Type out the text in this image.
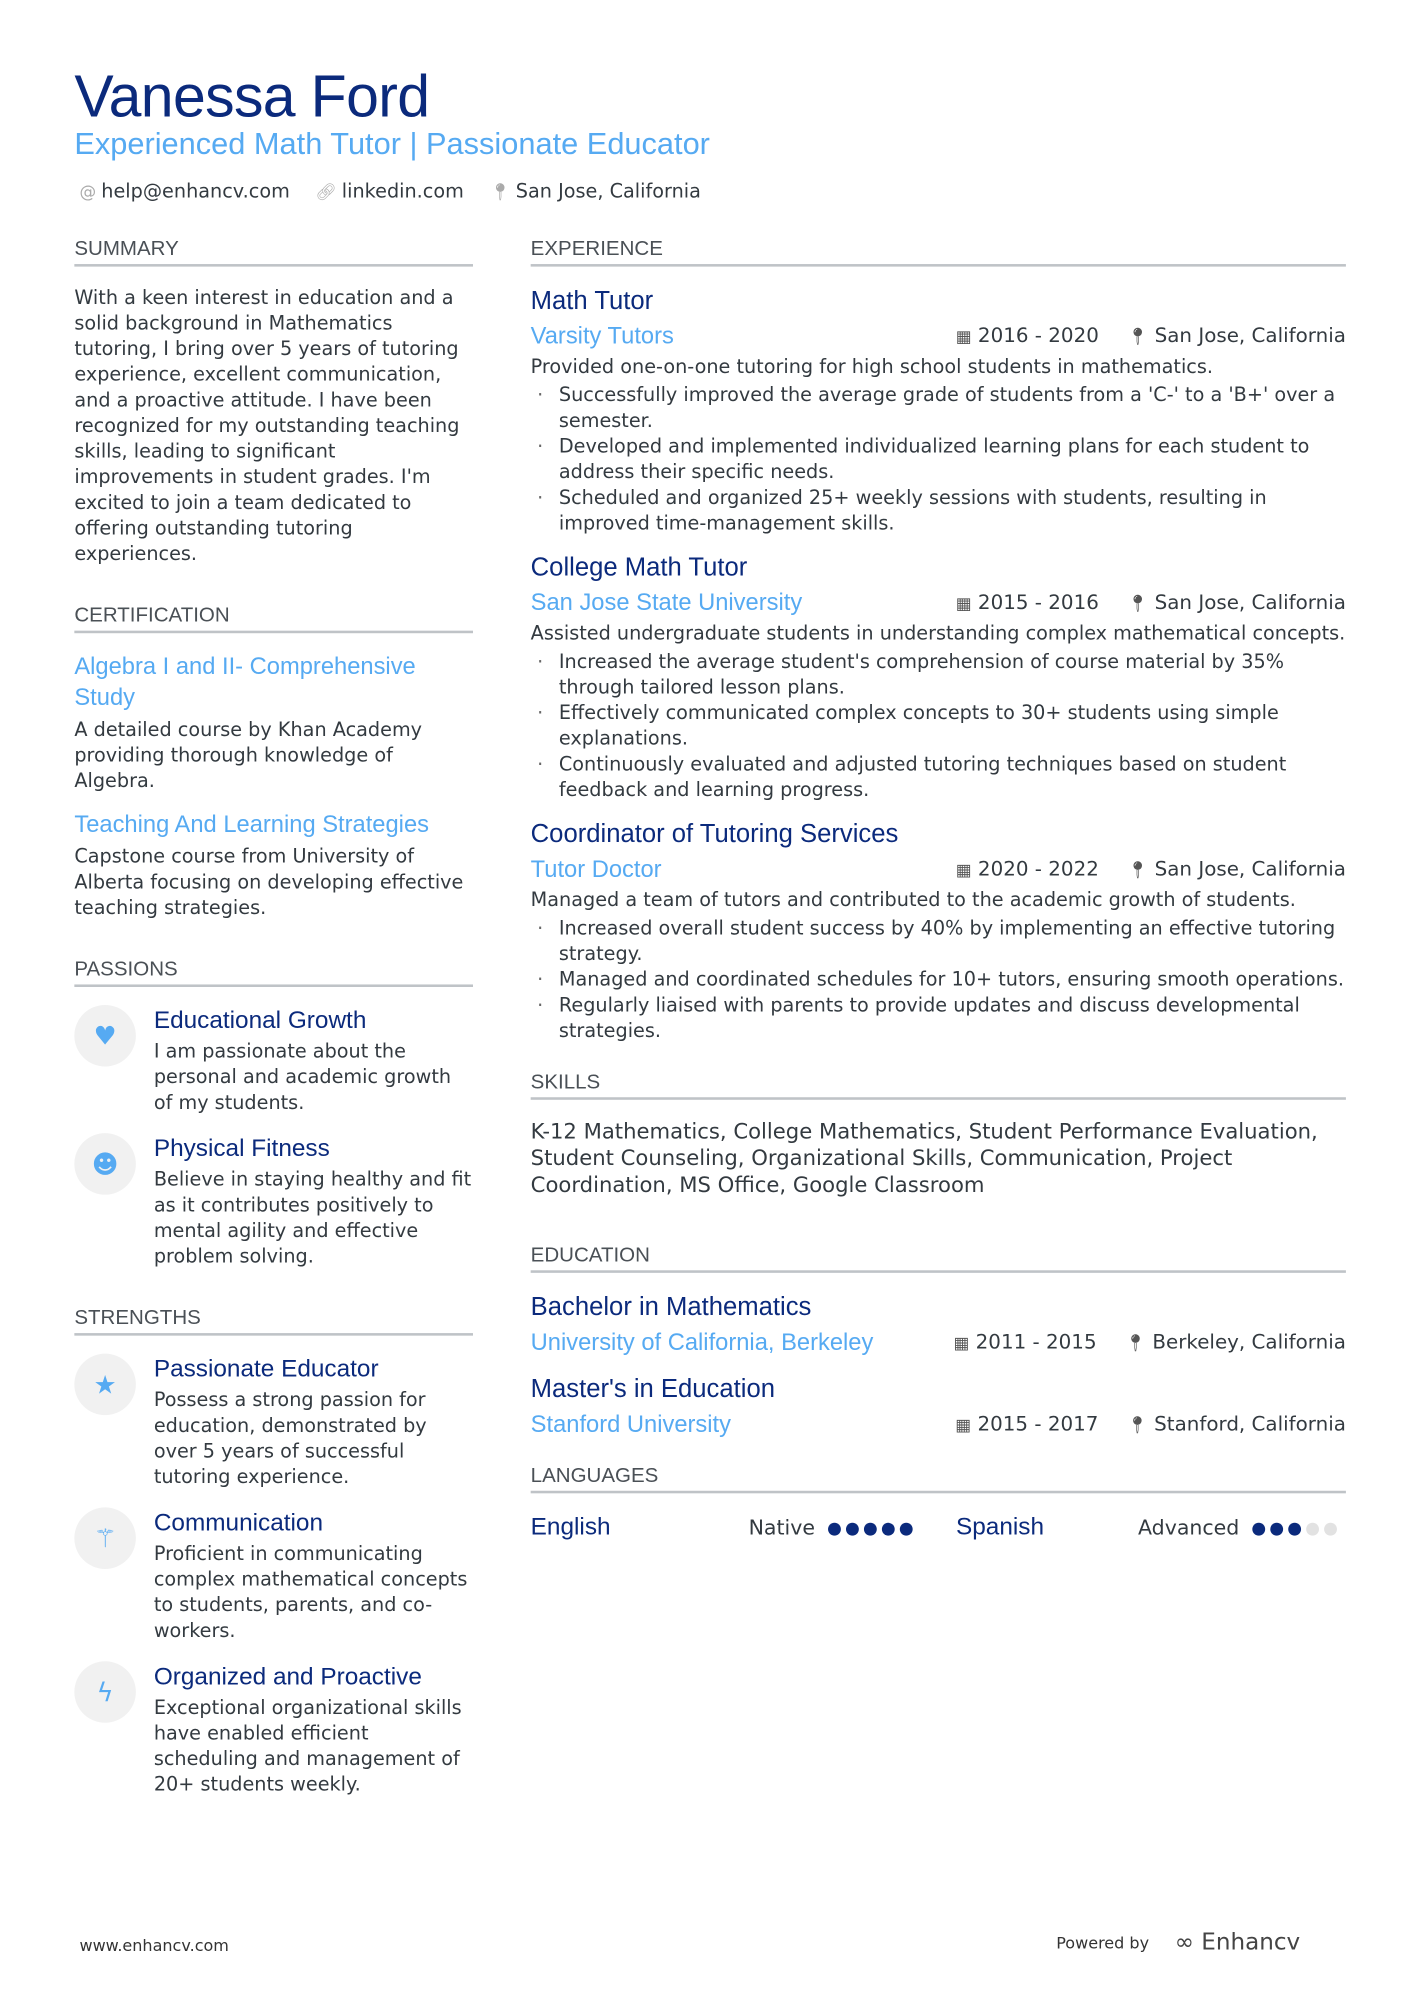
Vanessa Ford
Experienced Math Tutor | Passionate Educator
@ help@enhancv.com 🔗︎ linkedin.com 📍︎ San Jose, California
SUMMARY
With a keen interest in education and a solid background in Mathematics tutoring, I bring over 5 years of tutoring experience, excellent communication, and a proactive attitude. I have been recognized for my outstanding teaching skills, leading to significant improvements in student grades. I'm excited to join a team dedicated to offering outstanding tutoring experiences.
CERTIFICATION
Algebra I and II- Comprehensive Study
A detailed course by Khan Academy providing thorough knowledge of Algebra.
Teaching And Learning Strategies
Capstone course from University of Alberta focusing on developing effective teaching strategies.
PASSIONS
♥	Educational Growth
I am passionate about the personal and academic growth of my students.
☻	Physical Fitness
Believe in staying healthy and fit as it contributes positively to mental agility and effective problem solving.
STRENGTHS
★	Passionate Educator
Possess a strong passion for education, demonstrated by over 5 years of successful tutoring experience.
⚚	Communication
Proficient in communicating complex mathematical concepts to students, parents, and co-workers.
ϟ	Organized and Proactive
Exceptional organizational skills have enabled efficient scheduling and management of 20+ students weekly.
EXPERIENCE
Math Tutor
Varsity Tutors	▦ 2016 - 2020 📍︎ San Jose, California
Provided one-on-one tutoring for high school students in mathematics.
· Successfully improved the average grade of students from a 'C-' to a 'B+' over a semester.
· Developed and implemented individualized learning plans for each student to address their specific needs.
· Scheduled and organized 25+ weekly sessions with students, resulting in improved time-management skills.
College Math Tutor
San Jose State University	▦ 2015 - 2016 📍︎ San Jose, California
Assisted undergraduate students in understanding complex mathematical concepts.
· Increased the average student's comprehension of course material by 35% through tailored lesson plans.
· Effectively communicated complex concepts to 30+ students using simple explanations.
· Continuously evaluated and adjusted tutoring techniques based on student feedback and learning progress.
Coordinator of Tutoring Services
Tutor Doctor	▦ 2020 - 2022 📍︎ San Jose, California
Managed a team of tutors and contributed to the academic growth of students.
· Increased overall student success by 40% by implementing an effective tutoring strategy.
· Managed and coordinated schedules for 10+ tutors, ensuring smooth operations.
· Regularly liaised with parents to provide updates and discuss developmental strategies.
SKILLS
K-12 Mathematics, College Mathematics, Student Performance Evaluation, Student Counseling, Organizational Skills, Communication, Project Coordination, MS Office, Google Classroom
EDUCATION
Bachelor in Mathematics
University of California, Berkeley	▦ 2011 - 2015 📍︎ Berkeley, California
Master's in Education
Stanford University	▦ 2015 - 2017 📍︎ Stanford, California
LANGUAGES
English	Native	Spanish	Advanced
www.enhancv.com	Powered by ∞ Enhancv
